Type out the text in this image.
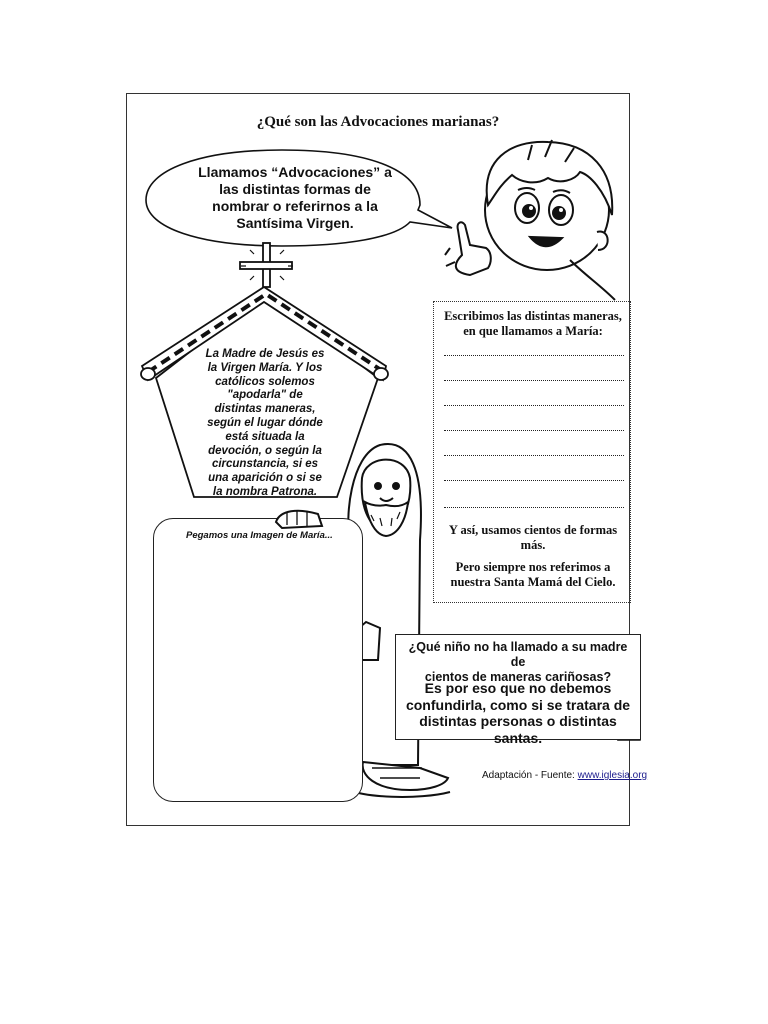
¿Qué son las Advocaciones marianas?
Llamamos “Advocaciones” a
las distintas formas de
nombrar o referirnos a la
Santísima Virgen.
La Madre de Jesús es
la Virgen María. Y los
católicos solemos
"apodarla" de
distintas maneras,
según el lugar dónde
está situada la
devoción, o según la
circunstancia, si es
una aparición o si se
la nombra Patrona.
Escribimos las distintas maneras,
en que llamamos a María:
Y así, usamos cientos de formas
más.
Pero siempre nos referimos a
nuestra Santa Mamá del Cielo.
Pegamos una Imagen de María...
¿Qué niño no ha llamado a su madre de
cientos de maneras cariñosas?
Es por eso que no debemos
confundirla, como si se tratara de
distintas personas o distintas santas.
Adaptación - Fuente: www.iglesia.org
